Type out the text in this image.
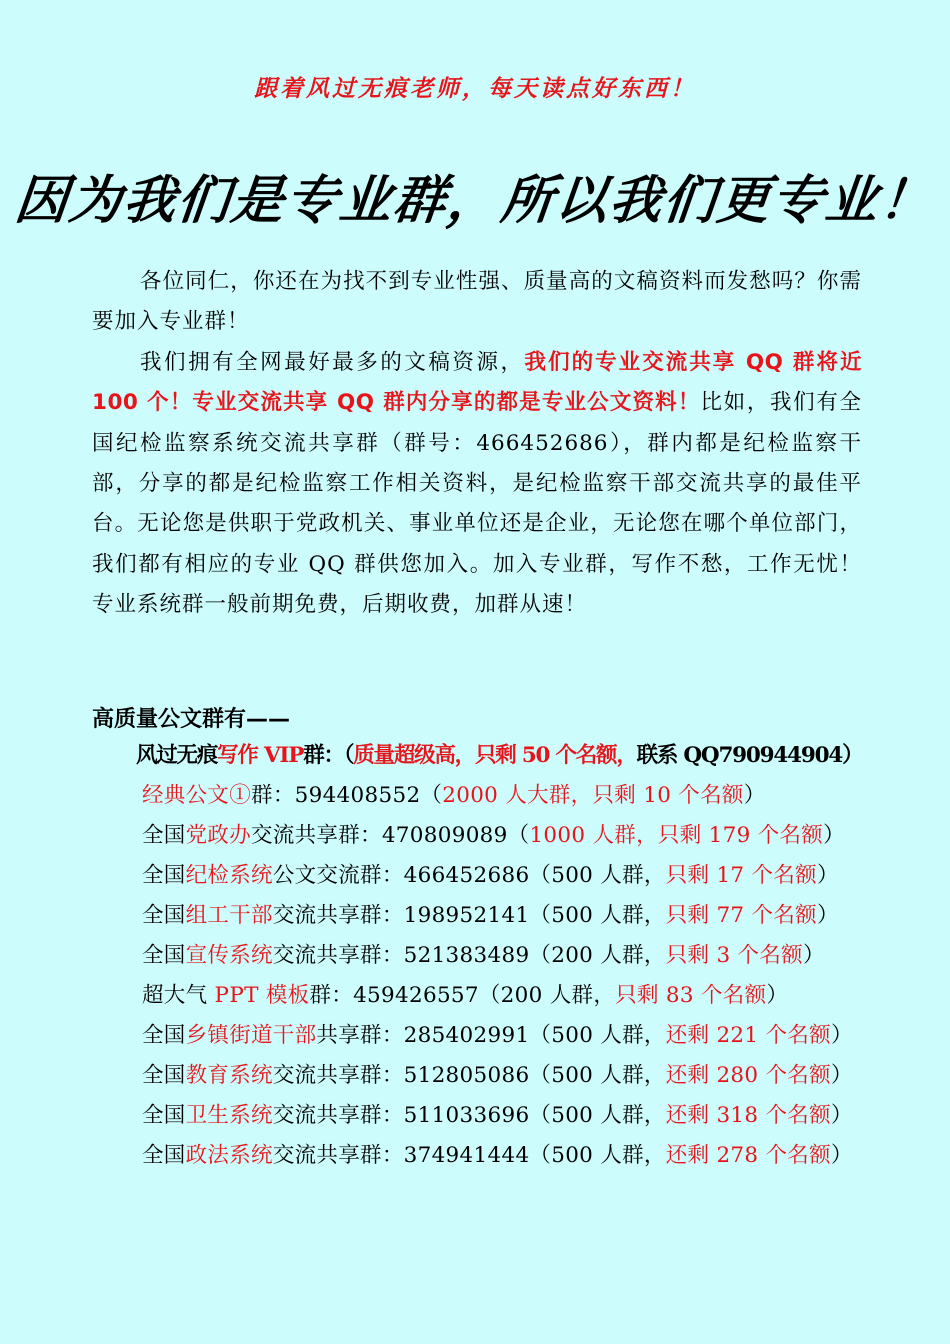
跟着风过无痕老师，每天读点好东西！
因为我们是专业群，所以我们更专业！

各位同仁，你还在为找不到专业性强、质量高的文稿资料而发愁吗？你需要加入专业群！

我们拥有全网最好最多的文稿资源，我们的专业交流共享 QQ 群将近 100 个！专业交流共享 QQ 群内分享的都是专业公文资料！比如，我们有全国纪检监察系统交流共享群（群号：466452686），群内都是纪检监察干部，分享的都是纪检监察工作相关资料，是纪检监察干部交流共享的最佳平台。无论您是供职于党政机关、事业单位还是企业，无论您在哪个单位部门，我们都有相应的专业 QQ 群供您加入。加入专业群，写作不愁，工作无忧！专业系统群一般前期免费，后期收费，加群从速！

高质量公文群有——
风过无痕写作 VIP群：（质量超级高，只剩 50 个名额，联系 QQ790944904）
经典公文①群：594408552（2000 人大群，只剩 10 个名额）
全国党政办交流共享群：470809089（1000 人群，只剩 179 个名额）
全国纪检系统公文交流群：466452686（500 人群，只剩 17 个名额）
全国组工干部交流共享群：198952141（500 人群，只剩 77 个名额）
全国宣传系统交流共享群：521383489（200 人群，只剩 3 个名额）
超大气 PPT 模板群：459426557（200 人群，只剩 83 个名额）
全国乡镇街道干部共享群：285402991（500 人群，还剩 221 个名额）
全国教育系统交流共享群：512805086（500 人群，还剩 280 个名额）
全国卫生系统交流共享群：511033696（500 人群，还剩 318 个名额）
全国政法系统交流共享群：374941444（500 人群，还剩 278 个名额）
